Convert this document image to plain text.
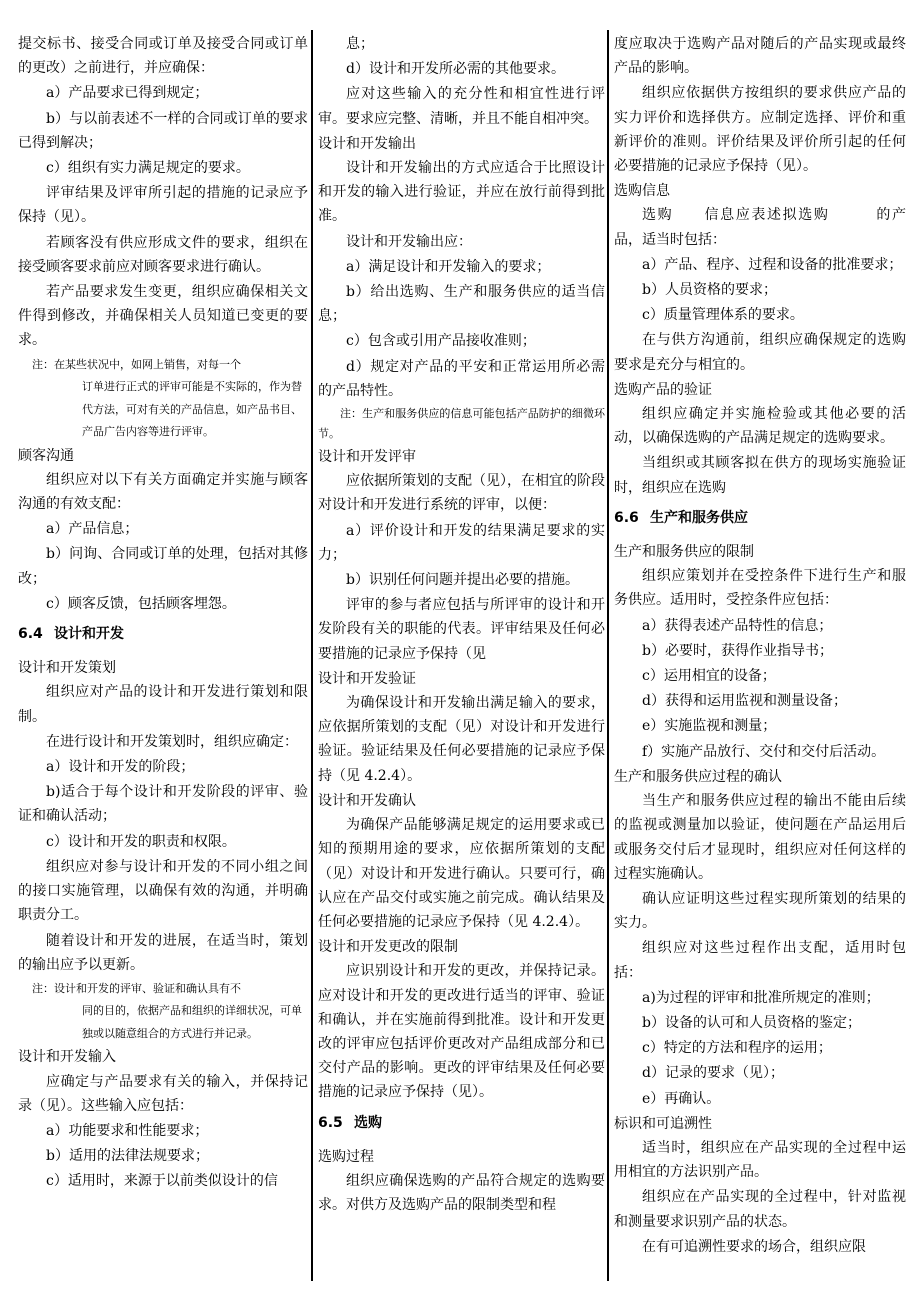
提交标书、接受合同或订单及接受合同或订单的更改）之前进行，并应确保：

a）产品要求已得到规定；

b）与以前表述不一样的合同或订单的要求已得到解决；

c）组织有实力满足规定的要求。

评审结果及评审所引起的措施的记录应予保持（见）。

若顾客没有供应形成文件的要求，组织在接受顾客要求前应对顾客要求进行确认。

若产品要求发生变更，组织应确保相关文件得到修改，并确保相关人员知道已变更的要求。

注：在某些状况中，如网上销售，对每一个
订单进行正式的评审可能是不实际的，作为替代方法，可对有关的产品信息，如产品书目、产品广告内容等进行评审。
顾客沟通

组织应对以下有关方面确定并实施与顾客沟通的有效支配：

a）产品信息；

b）问询、合同或订单的处理，包括对其修改；

c）顾客反馈，包括顾客埋怨。

6.4 设计和开发
设计和开发策划

组织应对产品的设计和开发进行策划和限制。

在进行设计和开发策划时，组织应确定：

a）设计和开发的阶段；

b)适合于每个设计和开发阶段的评审、验证和确认活动；

c）设计和开发的职责和权限。

组织应对参与设计和开发的不同小组之间的接口实施管理，以确保有效的沟通，并明确职责分工。

随着设计和开发的进展，在适当时，策划的输出应予以更新。

注：设计和开发的评审、验证和确认具有不
同的目的，依据产品和组织的详细状况，可单独或以随意组合的方式进行并记录。
设计和开发输入

应确定与产品要求有关的输入，并保持记录（见）。这些输入应包括：

a）功能要求和性能要求；

b）适用的法律法规要求；

c）适用时，来源于以前类似设计的信

息；

d）设计和开发所必需的其他要求。

应对这些输入的充分性和相宜性进行评审。要求应完整、清晰，并且不能自相冲突。

设计和开发输出

设计和开发输出的方式应适合于比照设计和开发的输入进行验证，并应在放行前得到批准。

设计和开发输出应：

a）满足设计和开发输入的要求；

b）给出选购、生产和服务供应的适当信息；

c）包含或引用产品接收准则；

d）规定对产品的平安和正常运用所必需的产品特性。

注：生产和服务供应的信息可能包括产品防护的细微环节。

设计和开发评审

应依据所策划的支配（见），在相宜的阶段对设计和开发进行系统的评审，以便：

a）评价设计和开发的结果满足要求的实力；

b）识别任何问题并提出必要的措施。

评审的参与者应包括与所评审的设计和开发阶段有关的职能的代表。评审结果及任何必要措施的记录应予保持（见

设计和开发验证

为确保设计和开发输出满足输入的要求，应依据所策划的支配（见）对设计和开发进行验证。验证结果及任何必要措施的记录应予保持（见 4.2.4）。

设计和开发确认

为确保产品能够满足规定的运用要求或已知的预期用途的要求，应依据所策划的支配（见）对设计和开发进行确认。只要可行，确认应在产品交付或实施之前完成。确认结果及任何必要措施的记录应予保持（见 4.2.4）。

设计和开发更改的限制

应识别设计和开发的更改，并保持记录。应对设计和开发的更改进行适当的评审、验证和确认，并在实施前得到批准。设计和开发更改的评审应包括评价更改对产品组成部分和已交付产品的影响。更改的评审结果及任何必要措施的记录应予保持（见）。

6.5 选购
选购过程

组织应确保选购的产品符合规定的选购要求。对供方及选购产品的限制类型和程

度应取决于选购产品对随后的产品实现或最终产品的影响。

组织应依据供方按组织的要求供应产品的实力评价和选择供方。应制定选择、评价和重新评价的准则。评价结果及评价所引起的任何必要措施的记录应予保持（见）。

选购信息

选购　　信息应表述拟选购　　　的产品，适当时包括：

a）产品、程序、过程和设备的批准要求；

b）人员资格的要求；

c）质量管理体系的要求。

在与供方沟通前，组织应确保规定的选购要求是充分与相宜的。

选购产品的验证

组织应确定并实施检验或其他必要的活动，以确保选购的产品满足规定的选购要求。

当组织或其顾客拟在供方的现场实施验证时，组织应在选购

6.6 生产和服务供应
生产和服务供应的限制

组织应策划并在受控条件下进行生产和服务供应。适用时，受控条件应包括：

a）获得表述产品特性的信息；

b）必要时，获得作业指导书；

c）运用相宜的设备；

d）获得和运用监视和测量设备；

e）实施监视和测量；

f）实施产品放行、交付和交付后活动。

生产和服务供应过程的确认

当生产和服务供应过程的输出不能由后续的监视或测量加以验证，使问题在产品运用后或服务交付后才显现时，组织应对任何这样的过程实施确认。

确认应证明这些过程实现所策划的结果的实力。

组织应对这些过程作出支配，适用时包括：

a)为过程的评审和批准所规定的准则；

b）设备的认可和人员资格的鉴定；

c）特定的方法和程序的运用；

d）记录的要求（见）；

e）再确认。

标识和可追溯性

适当时，组织应在产品实现的全过程中运用相宜的方法识别产品。

组织应在产品实现的全过程中，针对监视和测量要求识别产品的状态。

在有可追溯性要求的场合，组织应限
